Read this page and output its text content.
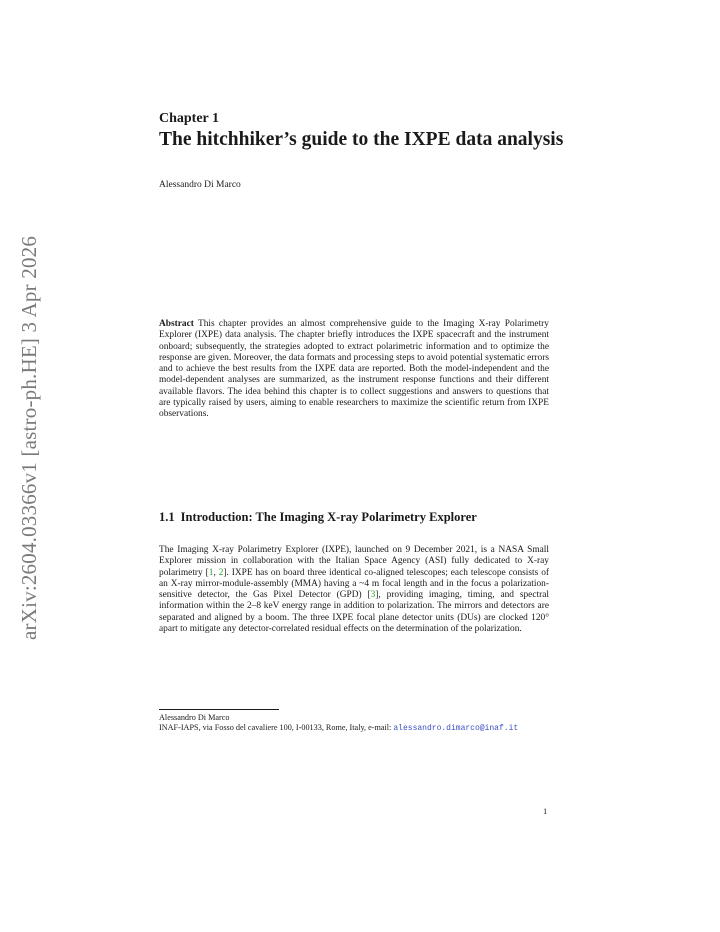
arXiv:2604.03366v1 [astro-ph.HE] 3 Apr 2026
Chapter 1
The hitchhiker’s guide to the IXPE data analysis
Alessandro Di Marco

Abstract This chapter provides an almost comprehensive guide to the Imaging X-ray Polarimetry Explorer (IXPE) data analysis. The chapter briefly introduces the IXPE spacecraft and the instrument onboard; subsequently, the strategies adopted to extract polarimetric information and to optimize the response are given. Moreover, the data formats and processing steps to avoid potential systematic errors and to achieve the best results from the IXPE data are reported. Both the model-independent and the model-dependent analyses are summarized, as the instrument response functions and their different available flavors. The idea behind this chapter is to collect suggestions and answers to questions that are typically raised by users, aiming to enable researchers to maximize the scientific return from IXPE observations.

1.1 Introduction: The Imaging X-ray Polarimetry Explorer

The Imaging X-ray Polarimetry Explorer (IXPE), launched on 9 December 2021, is a NASA Small Explorer mission in collaboration with the Italian Space Agency (ASI) fully dedicated to X-ray polarimetry [1, 2]. IXPE has on board three identical co-aligned telescopes; each telescope consists of an X-ray mirror-module-assembly (MMA) having a ~4 m focal length and in the focus a polarization-sensitive detector, the Gas Pixel Detector (GPD) [3], providing imaging, timing, and spectral information within the 2–8 keV energy range in addition to polarization. The mirrors and detectors are separated and aligned by a boom. The three IXPE focal plane detector units (DUs) are clocked 120° apart to mitigate any detector-correlated residual effects on the determination of the polarization.

Alessandro Di Marco
INAF-IAPS, via Fosso del cavaliere 100, I-00133, Rome, Italy, e-mail: alessandro.dimarco@inaf.it
1
